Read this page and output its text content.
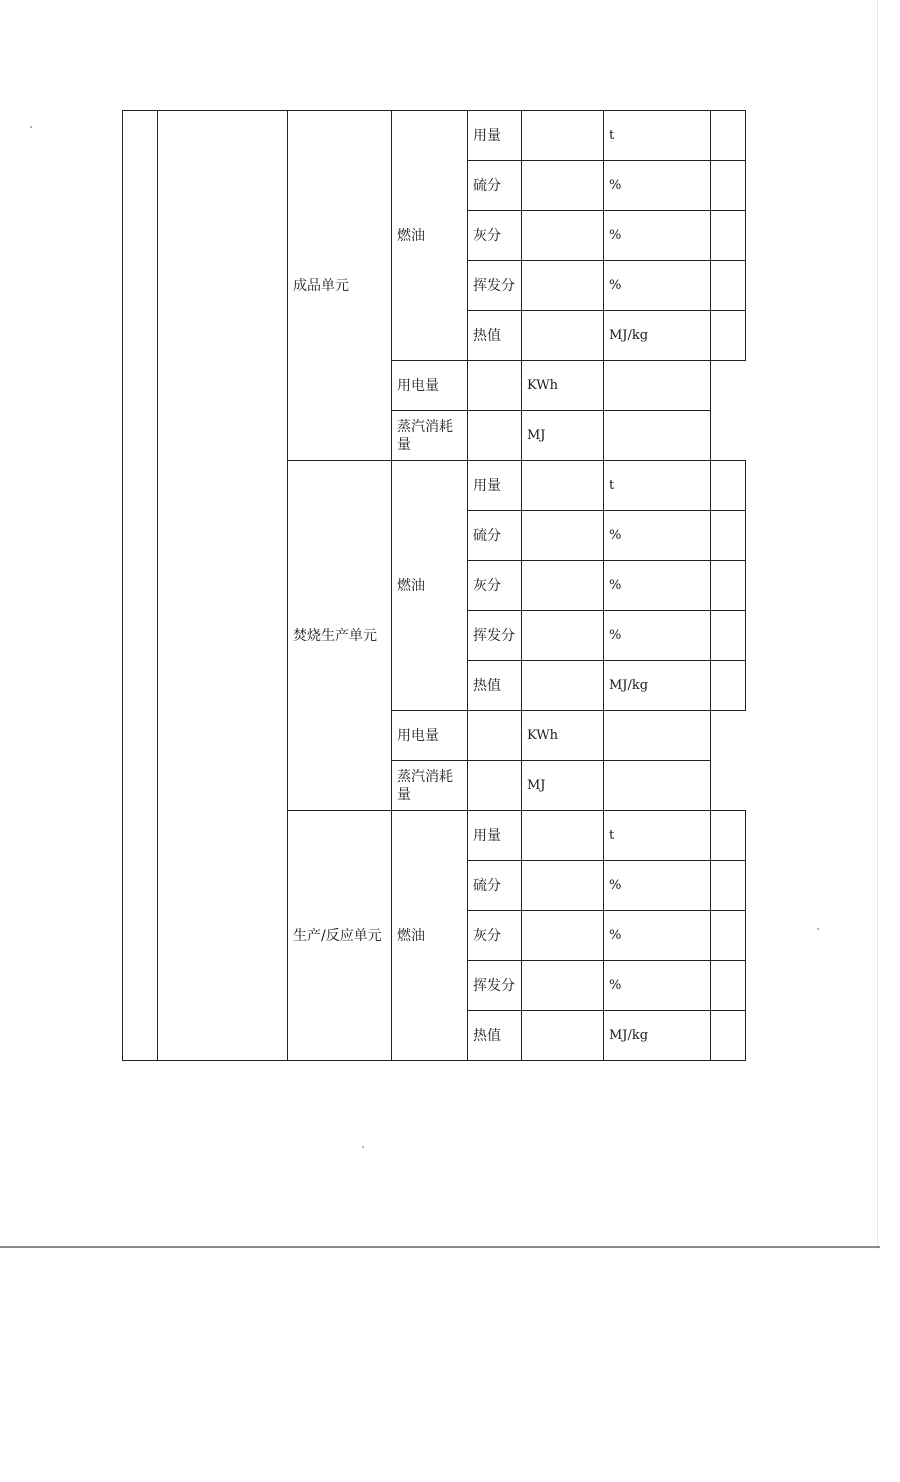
		成品单元	燃油	用量		t	
				硫分		%	
				灰分		%	
				挥发分		%	
				热值		MJ/kg	
			用电量		KWh		
			蒸汽消耗量		MJ		
		焚烧生产单元	燃油	用量		t	
				硫分		%	
				灰分		%	
				挥发分		%	
				热值		MJ/kg	
			用电量		KWh		
			蒸汽消耗量		MJ		
		生产/反应单元	燃油	用量		t	
				硫分		%	
				灰分		%	
				挥发分		%	
				热值		MJ/kg	
